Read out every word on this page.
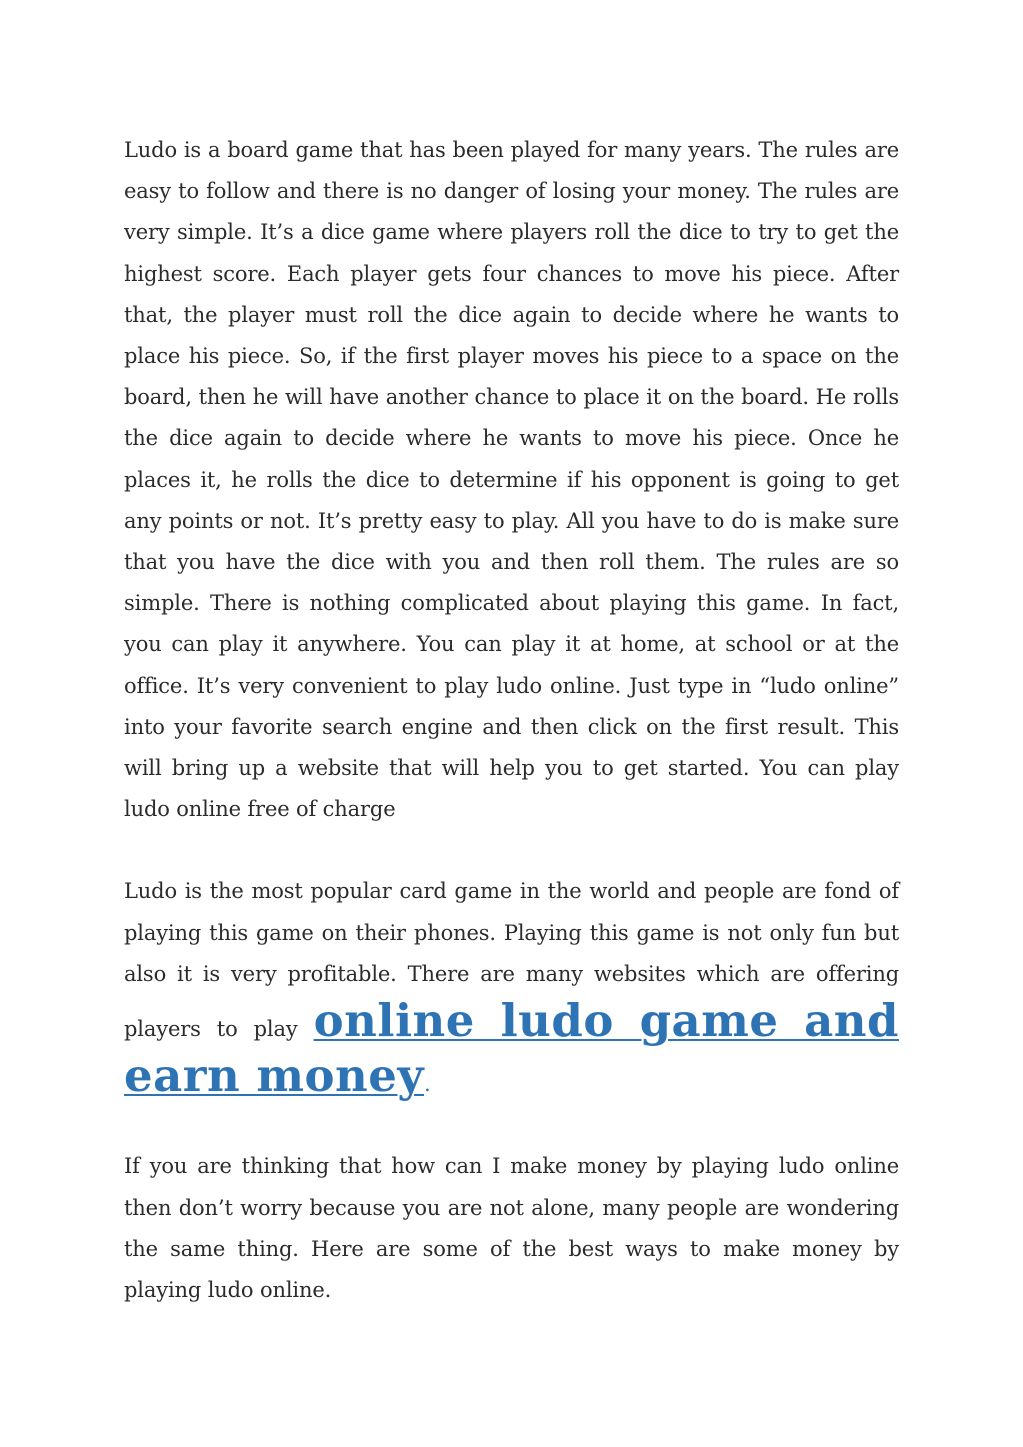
Ludo is a board game that has been played for many years. The rules are easy to follow and there is no danger of losing your money. The rules are very simple. It’s a dice game where players roll the dice to try to get the highest score. Each player gets four chances to move his piece. After that, the player must roll the dice again to decide where he wants to place his piece. So, if the first player moves his piece to a space on the board, then he will have another chance to place it on the board. He rolls the dice again to decide where he wants to move his piece. Once he places it, he rolls the dice to determine if his opponent is going to get any points or not. It’s pretty easy to play. All you have to do is make sure that you have the dice with you and then roll them. The rules are so simple. There is nothing complicated about playing this game. In fact, you can play it anywhere. You can play it at home, at school or at the office. It’s very convenient to play ludo online. Just type in “ludo online” into your favorite search engine and then click on the first result. This will bring up a website that will help you to get started. You can play ludo online free of charge

Ludo is the most popular card game in the world and people are fond of playing this game on their phones. Playing this game is not only fun but also it is very profitable. There are many websites which are offering players to play online ludo game and earn money.

If you are thinking that how can I make money by playing ludo online then don’t worry because you are not alone, many people are wondering the same thing. Here are some of the best ways to make money by playing ludo online.
